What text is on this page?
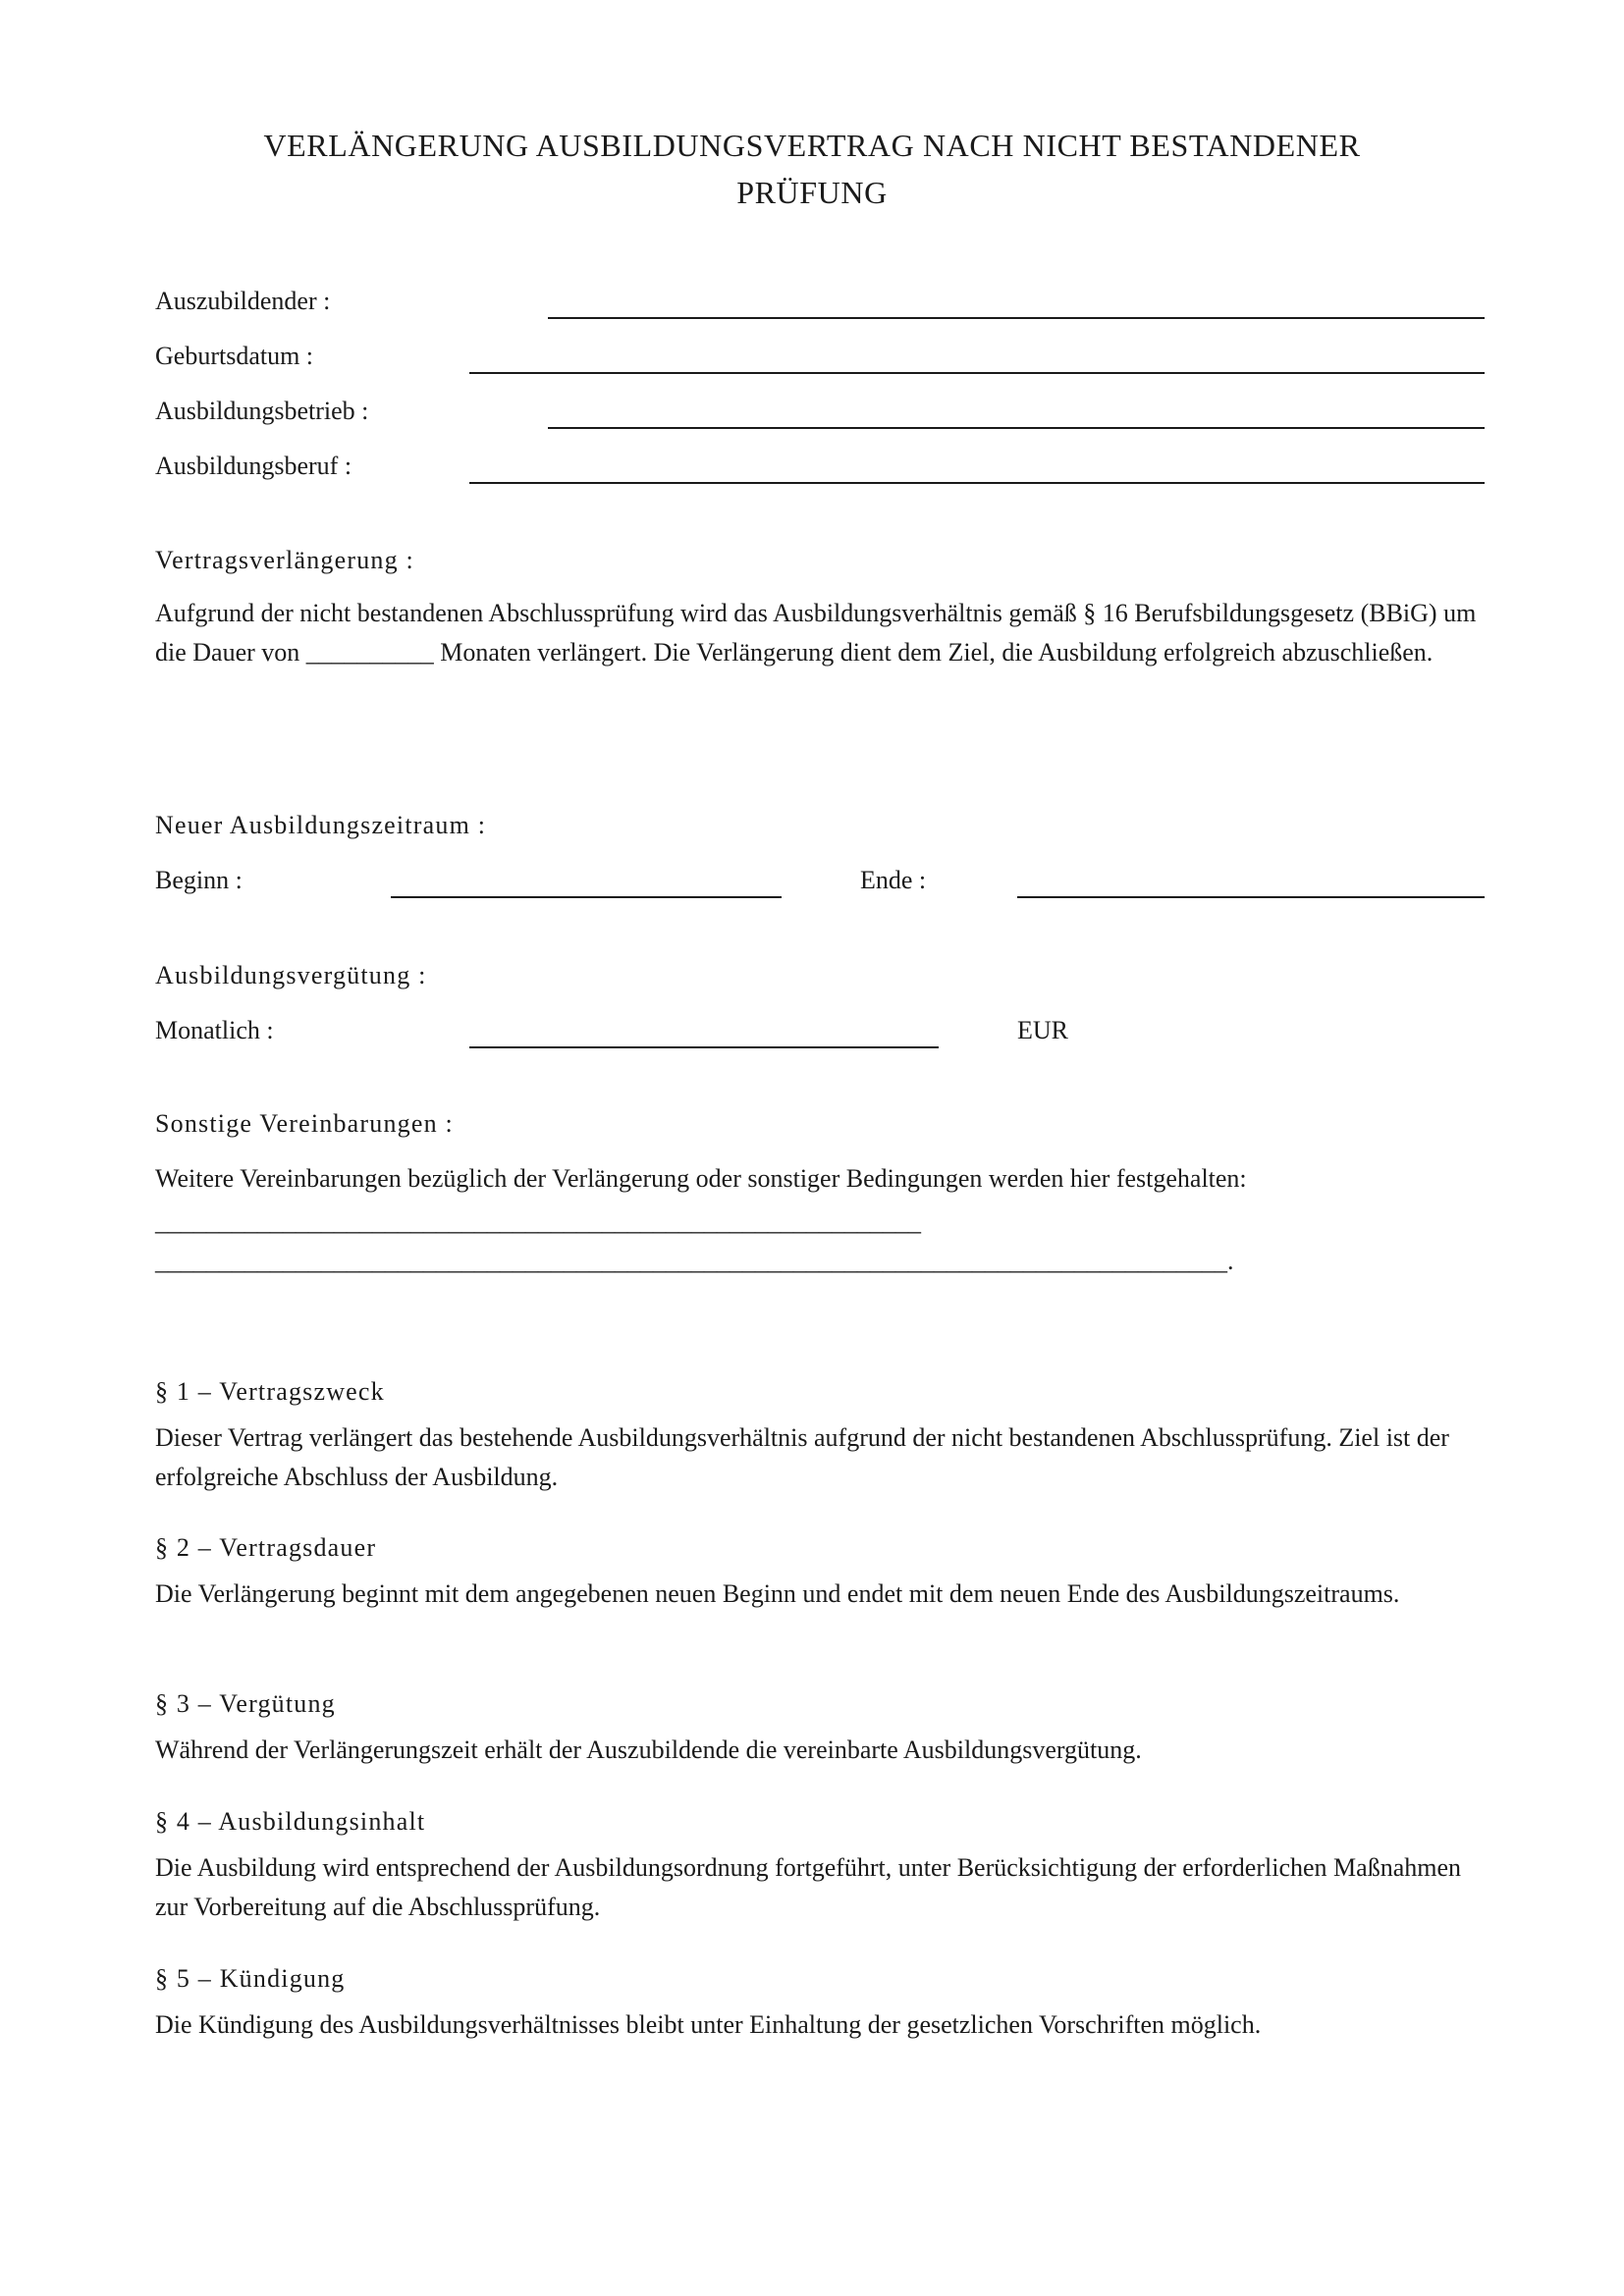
VERLÄNGERUNG AUSBILDUNGSVERTRAG NACH NICHT BESTANDENER
PRÜFUNG
Auszubildender :
Geburtsdatum :
Ausbildungsbetrieb :
Ausbildungsberuf :
Vertragsverlängerung :

Aufgrund der nicht bestandenen Abschlussprüfung wird das Ausbildungsverhältnis gemäß § 16 Berufsbildungsgesetz (BBiG) um die Dauer von __________ Monaten verlängert. Die Verlängerung dient dem Ziel, die Ausbildung erfolgreich abzuschließen.

Neuer Ausbildungszeitraum :
Beginn :	Ende :
Ausbildungsvergütung :
Monatlich :	EUR
Sonstige Vereinbarungen :

Weitere Vereinbarungen bezüglich der Verlängerung oder sonstiger Bedingungen werden hier festgehalten:

____________________________________________________________

____________________________________________________________________________________.

§ 1 – Vertragszweck

Dieser Vertrag verlängert das bestehende Ausbildungsverhältnis aufgrund der nicht bestandenen Abschlussprüfung. Ziel ist der erfolgreiche Abschluss der Ausbildung.

§ 2 – Vertragsdauer

Die Verlängerung beginnt mit dem angegebenen neuen Beginn und endet mit dem neuen Ende des Ausbildungszeitraums.

§ 3 – Vergütung

Während der Verlängerungszeit erhält der Auszubildende die vereinbarte Ausbildungsvergütung.

§ 4 – Ausbildungsinhalt

Die Ausbildung wird entsprechend der Ausbildungsordnung fortgeführt, unter Berücksichtigung der erforderlichen Maßnahmen zur Vorbereitung auf die Abschlussprüfung.

§ 5 – Kündigung

Die Kündigung des Ausbildungsverhältnisses bleibt unter Einhaltung der gesetzlichen Vorschriften möglich.
